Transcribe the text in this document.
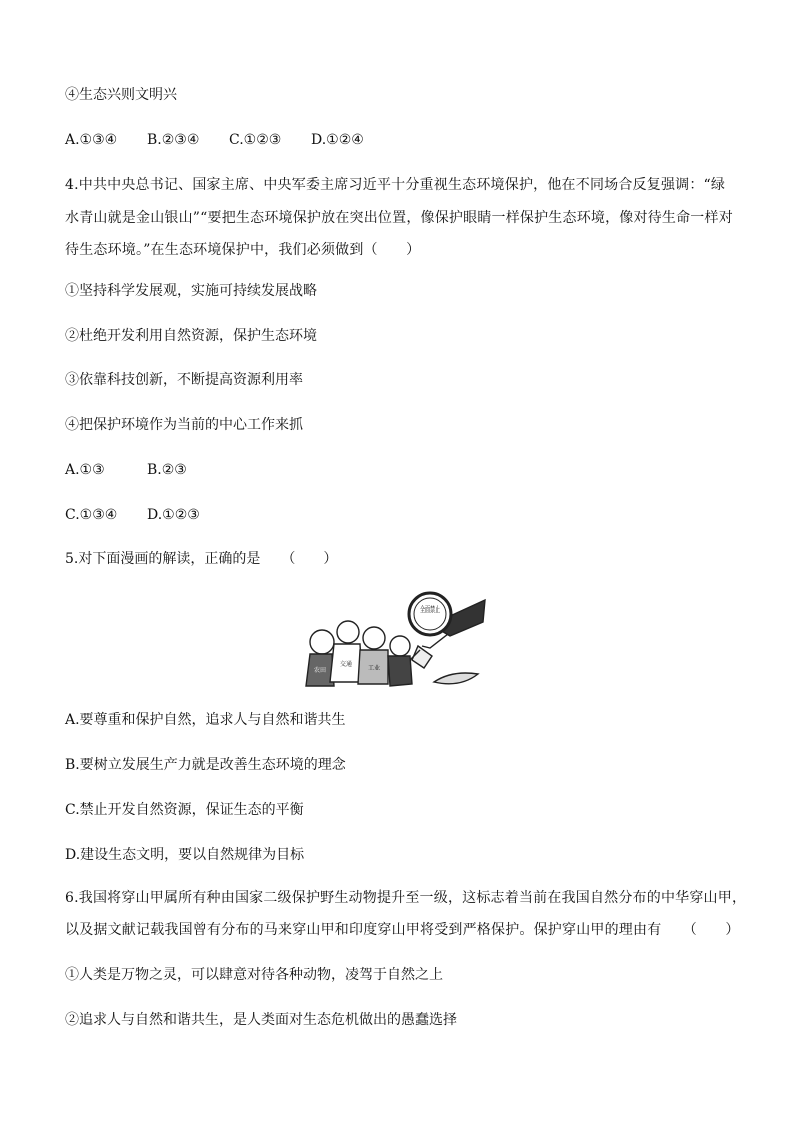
④生态兴则文明兴
A.①③④ B.②③④ C.①②③ D.①②④
4.中共中央总书记、国家主席、中央军委主席习近平十分重视生态环境保护，他在不同场合反复强调：“绿
水青山就是金山银山”“要把生态环境保护放在突出位置，像保护眼睛一样保护生态环境，像对待生命一样对
待生态环境。”在生态环境保护中，我们必须做到（　　）
①坚持科学发展观，实施可持续发展战略
②杜绝开发利用自然资源，保护生态环境
③依靠科技创新，不断提高资源利用率
④把保护环境作为当前的中心工作来抓
A.①③	B.②③
C.①③④ D.①②③
5.对下面漫画的解读，正确的是　　（　　）
全面禁止
农田
交通
工业
A.要尊重和保护自然，追求人与自然和谐共生
B.要树立发展生产力就是改善生态环境的理念
C.禁止开发自然资源，保证生态的平衡
D.建设生态文明，要以自然规律为目标
6.我国将穿山甲属所有种由国家二级保护野生动物提升至一级，这标志着当前在我国自然分布的中华穿山甲，
以及据文献记载我国曾有分布的马来穿山甲和印度穿山甲将受到严格保护。保护穿山甲的理由有　　（　　）
①人类是万物之灵，可以肆意对待各种动物，凌驾于自然之上
②追求人与自然和谐共生，是人类面对生态危机做出的愚蠢选择
